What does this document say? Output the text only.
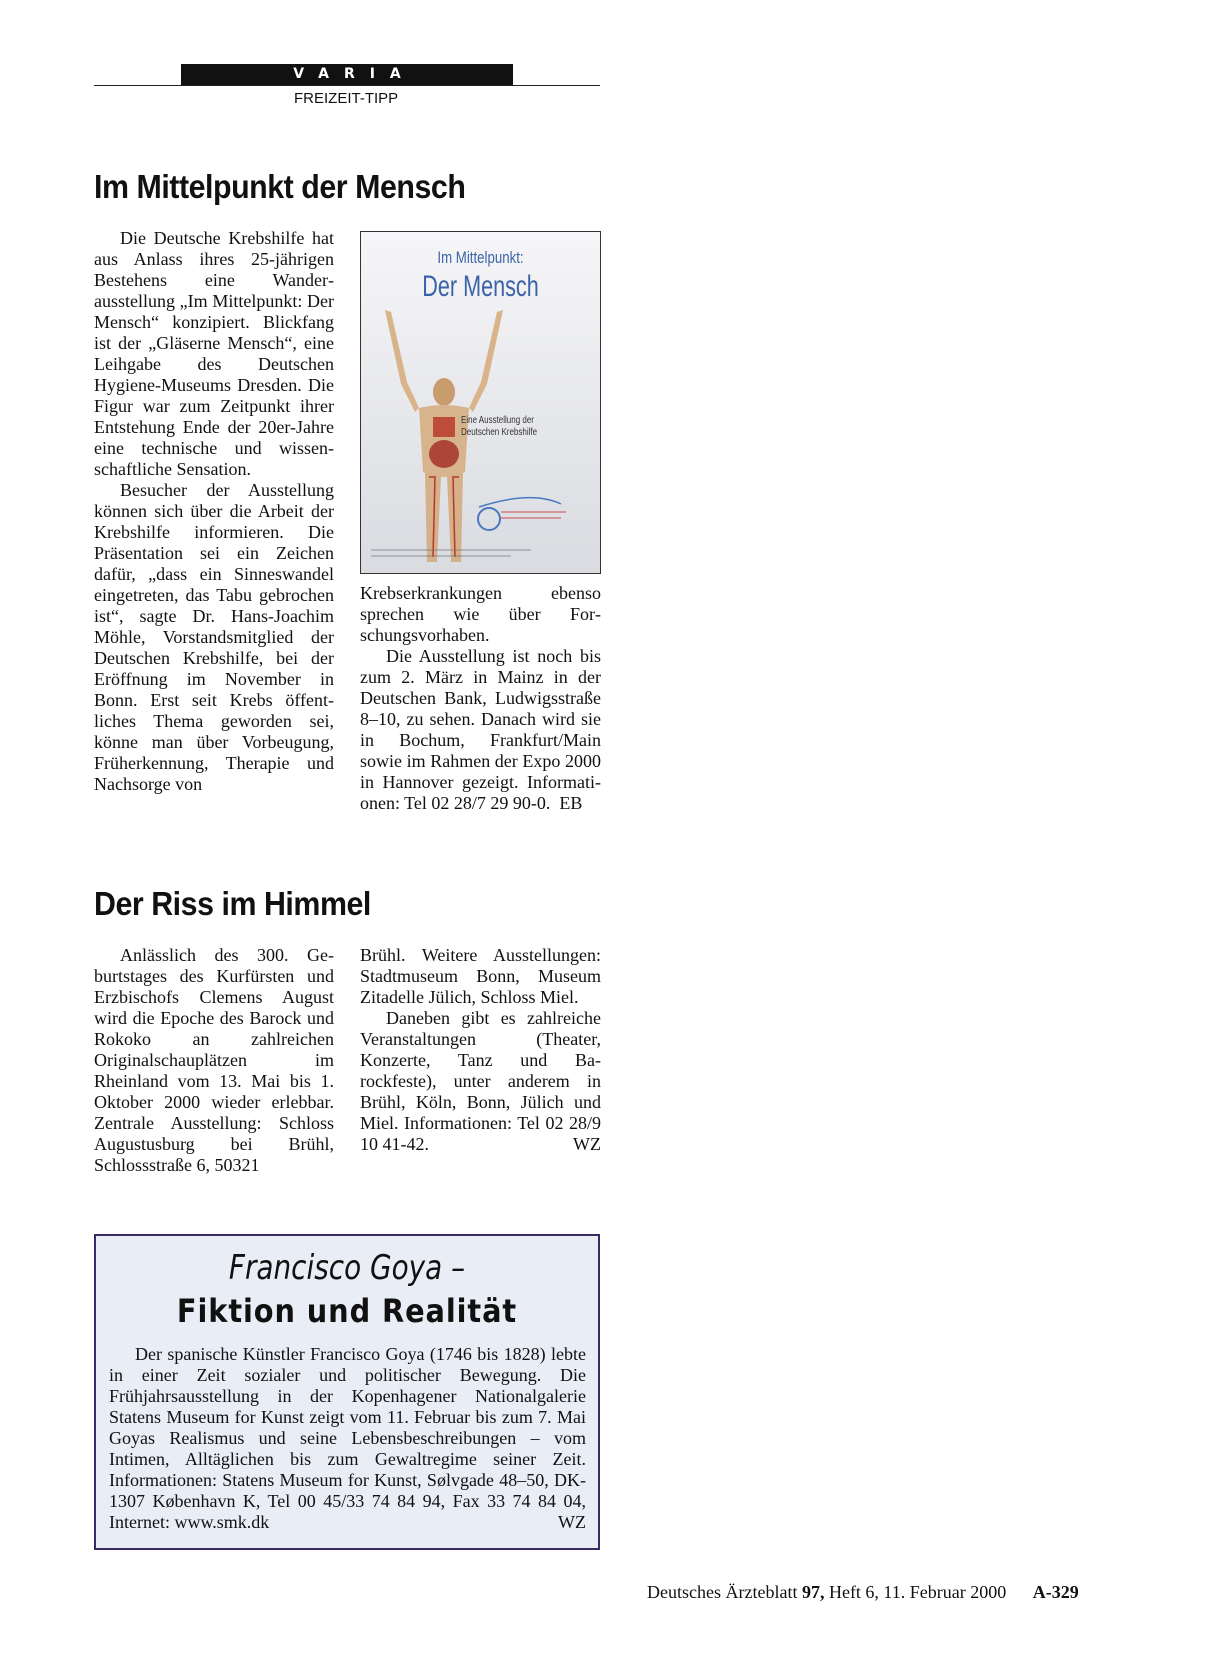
VARIA
FREIZEIT-TIPP
Im Mittelpunkt der Mensch

Die Deutsche Krebshilfe hat aus Anlass ihres 25-jährigen Bestehens eine Wanderausstellung „Im Mittelpunkt: Der Mensch“ konzipiert. Blickfang ist der „Gläserne Mensch“, eine Leihgabe des Deutschen Hygiene-Museums Dresden. Die Figur war zum Zeitpunkt ihrer Entstehung Ende der 20er-Jahre eine technische und wissenschaftliche Sensation.

Besucher der Ausstellung können sich über die Arbeit der Krebshilfe informieren. Die Präsentation sei ein Zeichen dafür, „dass ein Sinneswandel eingetreten, das Tabu gebrochen ist“, sagte Dr. Hans-Joachim Möhle, Vorstandsmitglied der Deutschen Krebshilfe, bei der Eröffnung im November in Bonn. Erst seit Krebs öffentliches Thema geworden sei, könne man über Vorbeugung, Früherkennung, Therapie und Nachsorge von

Im Mittelpunkt:
Der Mensch
Eine Ausstellung der Deutschen Krebshilfe

Krebserkrankungen ebenso sprechen wie über Forschungsvorhaben.

Die Ausstellung ist noch bis zum 2. März in Mainz in der Deutschen Bank, Ludwigsstraße 8–10, zu sehen. Danach wird sie in Bochum, Frankfurt/Main sowie im Rahmen der Expo 2000 in Hannover gezeigt. Informationen: Tel 02 28/7 29 90-0. EB

Der Riss im Himmel

Anlässlich des 300. Geburtstages des Kurfürsten und Erzbischofs Clemens August wird die Epoche des Barock und Rokoko an zahlreichen Originalschauplätzen im Rheinland vom 13. Mai bis 1. Oktober 2000 wieder erlebbar. Zentrale Ausstellung: Schloss Augustusburg bei Brühl, Schlossstraße 6, 50321

Brühl. Weitere Ausstellungen: Stadtmuseum Bonn, Museum Zitadelle Jülich, Schloss Miel.

Daneben gibt es zahlreiche Veranstaltungen (Theater, Konzerte, Tanz und Barockfeste), unter anderem in Brühl, Köln, Bonn, Jülich und Miel. Informationen: Tel 02 28/9 10 41-42.	WZ

Francisco Goya –
Fiktion und Realität

Der spanische Künstler Francisco Goya (1746 bis 1828) lebte in einer Zeit sozialer und politischer Bewegung. Die Frühjahrsausstellung in der Kopenhagener Nationalgalerie Statens Museum for Kunst zeigt vom 11. Februar bis zum 7. Mai Goyas Realismus und seine Lebensbeschreibungen – vom Intimen, Alltäglichen bis zum Gewaltregime seiner Zeit. Informationen: Statens Museum for Kunst, Sølvgade 48–50, DK-1307 København K, Tel 00 45/33 74 84 94, Fax 33 74 84 04, Internet: www.smk.dk	WZ

Deutsches Ärzteblatt 97, Heft 6, 11. Februar 2000 A-329
